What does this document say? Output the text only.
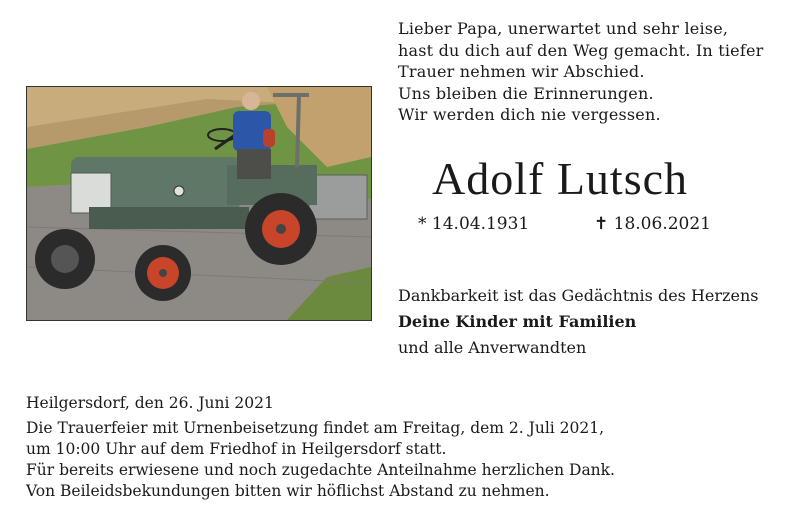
Lieber Papa, unerwartet und sehr leise,
hast du dich auf den Weg gemacht. In tiefer
Trauer nehmen wir Abschied.
Uns bleiben die Erinnerungen.
Wir werden dich nie vergessen.
Adolf Lutsch
* 14.04.1931	✝ 18.06.2021
Dankbarkeit ist das Gedächtnis des Herzens
Deine Kinder mit Familien
und alle Anverwandten
Heilgersdorf, den 26. Juni 2021
Die Trauerfeier mit Urnenbeisetzung findet am Freitag, dem 2. Juli 2021,
um 10:00 Uhr auf dem Friedhof in Heilgersdorf statt.
Für bereits erwiesene und noch zugedachte Anteilnahme herzlichen Dank.
Von Beileidsbekundungen bitten wir höflichst Abstand zu nehmen.
